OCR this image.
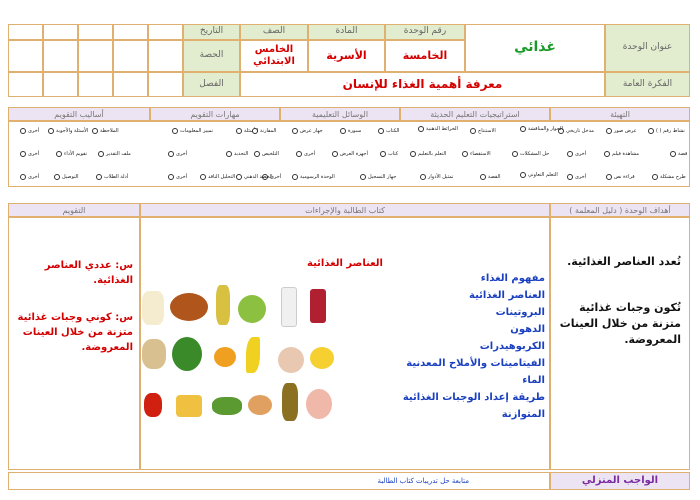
عنوان الوحدة
غذائي
رقم الوحدة
الخامسة
المادة
الأسرية
الصف
الخامس الابتدائي
التاريخ
الحصة
الفصل	الفكرة العامة
معرفة أهمية الغذاء للإنسان
التهيئة
استراتيجيات التعليم الحديثة
الوسائل التعليمية
مهارات التقويم
أساليب التقويم
نشاط رقم ( )
عرض صور
مدخل تاريخي
قصة
مشاهدة فيلم
أخرى
طرح مشكلة
قراءة نص
أخرى
الحوار والمناقشة
الاستنتاج
الخرائط الذهنية
حل المشكلات
الاستقصاء
التعلم بالتعليم
التعلم التعاوني
القصة
تمثيل الأدوار
الكتاب
سبورة
جهاز عرض
كتاب
أجهزة العرض
أخرى
جهاز التسجيل
الوحدة الرسومية
أخرى
الأسئلة
تمييز المعلومات
التحديد
أخرى
المقارنة
التلخيص
التحليل الناقد
أخرى	الحصد الذهني
الملاحظة
الأسئلة والأجوبة
أخرى
ملف التقدير
تقويم الأداء
أخرى
أدلة الطلاب
التوصيل
أخرى
أهداف الوحدة ( دليل المعلمة )
كتاب الطالبة والإجراءات
التقويم
تُعدد العناصر الغذائية.
تُكون وجبات غذائية متزنة من خلال العينات المعروضة.
العناصر الغذائية
مفهوم الغذاء
العناصر الغذائية
البروتينات
الدهون
الكربوهيدرات
الفيتامينات والأملاح المعدنية
الماء
طريقة إعداد الوجبات الغذائية المتوازنة
س: عددي العناصر الغذائية.
س: كوني وجبات غذائية متزنة من خلال العينات المعروضة.
الواجب المنزلي
متابعة حل تدريبات كتاب الطالبة
